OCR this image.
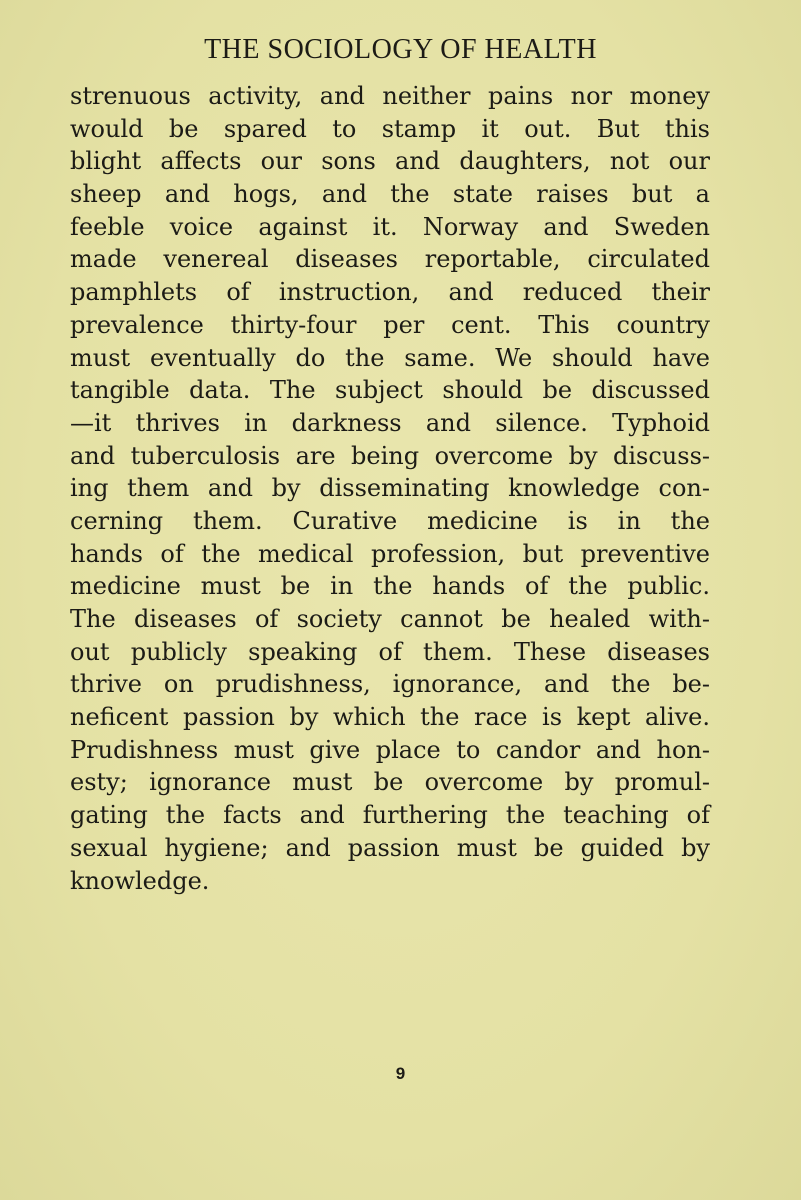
THE SOCIOLOGY OF HEALTH
strenuous activity, and neither pains nor money
would be spared to stamp it out. But this
blight affects our sons and daughters, not our
sheep and hogs, and the state raises but a
feeble voice against it. Norway and Sweden
made venereal diseases reportable, circulated
pamphlets of instruction, and reduced their
prevalence thirty-four per cent. This country
must eventually do the same. We should have
tangible data. The subject should be discussed
—it thrives in darkness and silence. Typhoid
and tuberculosis are being overcome by discuss-
ing them and by disseminating knowledge con-
cerning them. Curative medicine is in the
hands of the medical profession, but preventive
medicine must be in the hands of the public.
The diseases of society cannot be healed with-
out publicly speaking of them. These diseases
thrive on prudishness, ignorance, and the be-
neficent passion by which the race is kept alive.
Prudishness must give place to candor and hon-
esty; ignorance must be overcome by promul-
gating the facts and furthering the teaching of
sexual hygiene; and passion must be guided by
knowledge.
9
